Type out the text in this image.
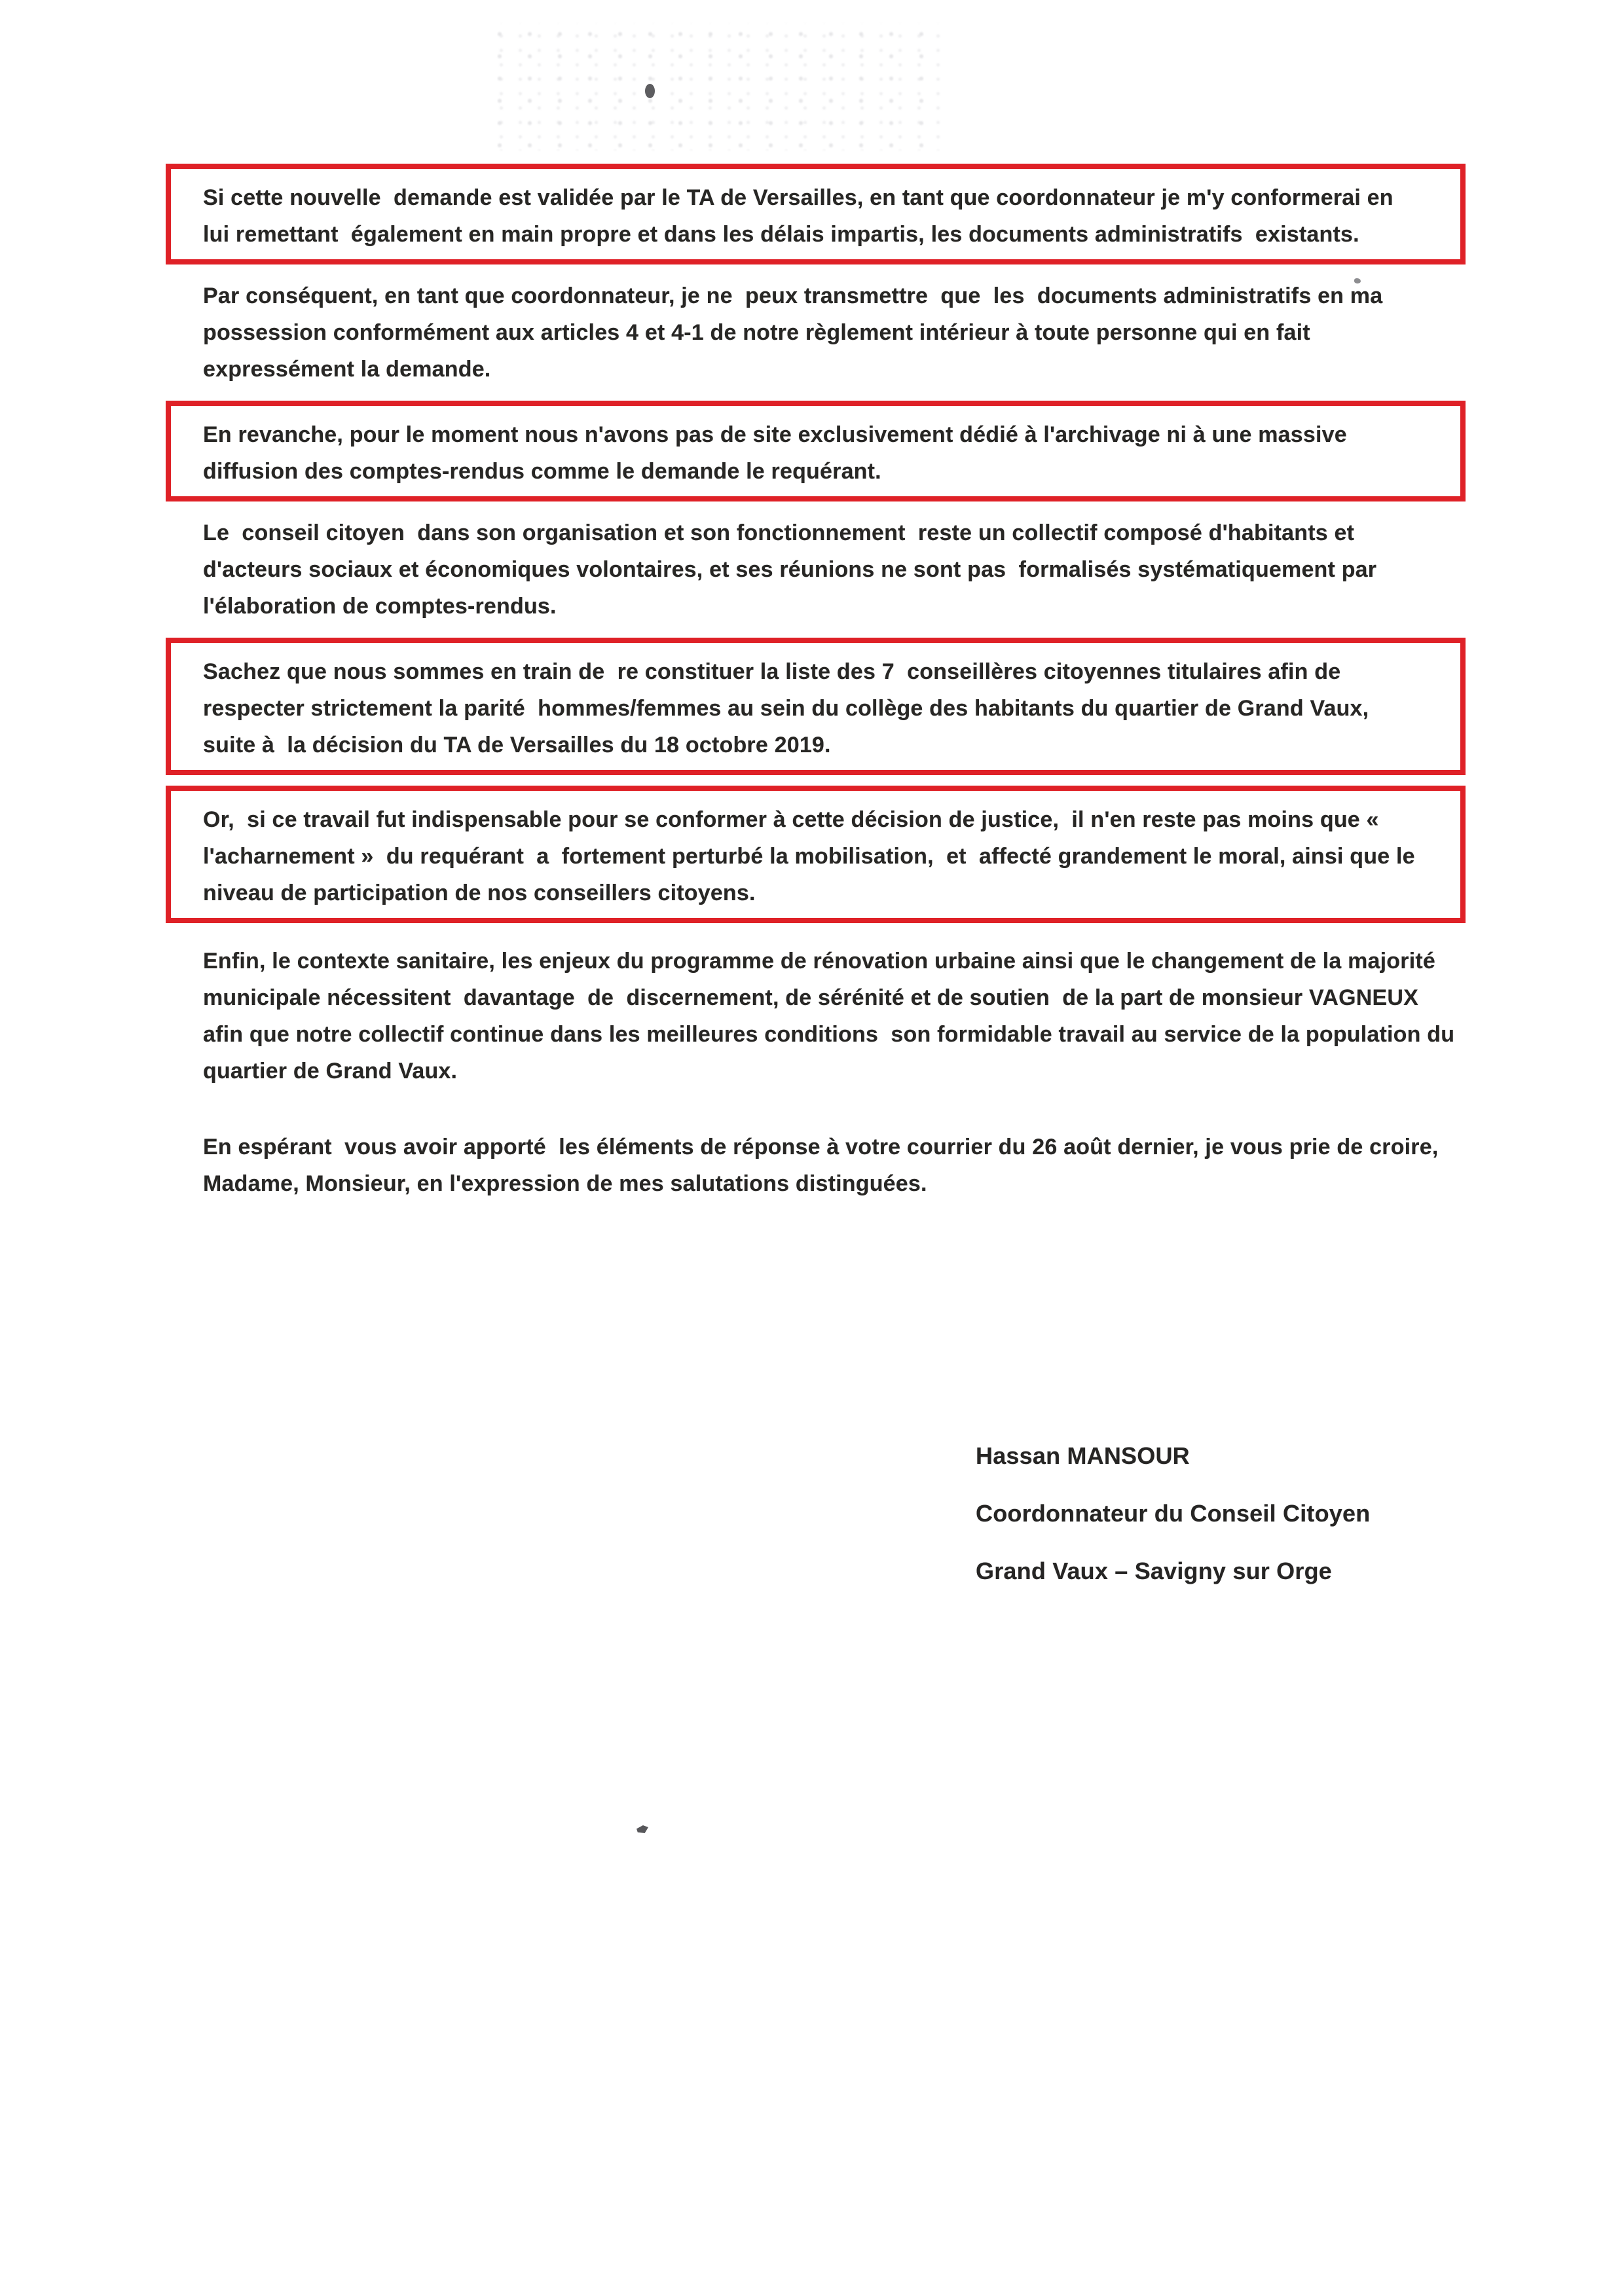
Si cette nouvelle  demande est validée par le TA de Versailles, en tant que coordonnateur je m'y conformerai en lui remettant  également en main propre et dans les délais impartis, les documents administratifs  existants.
Par conséquent, en tant que coordonnateur, je ne  peux transmettre  que  les  documents administratifs en ma possession conformément aux articles 4 et 4-1 de notre règlement intérieur à toute personne qui en fait expressément la demande.
En revanche, pour le moment nous n'avons pas de site exclusivement dédié à l'archivage ni à une massive diffusion des comptes-rendus comme le demande le requérant.
Le  conseil citoyen  dans son organisation et son fonctionnement  reste un collectif composé d'habitants et d'acteurs sociaux et économiques volontaires, et ses réunions ne sont pas  formalisés systématiquement par l'élaboration de comptes-rendus.
Sachez que nous sommes en train de  re constituer la liste des 7  conseillères citoyennes titulaires afin de respecter strictement la parité  hommes/femmes au sein du collège des habitants du quartier de Grand Vaux, suite à  la décision du TA de Versailles du 18 octobre 2019.
Or,  si ce travail fut indispensable pour se conformer à cette décision de justice,  il n'en reste pas moins que « l'acharnement »  du requérant  a  fortement perturbé la mobilisation,  et  affecté grandement le moral, ainsi que le niveau de participation de nos conseillers citoyens.
Enfin, le contexte sanitaire, les enjeux du programme de rénovation urbaine ainsi que le changement de la majorité municipale nécessitent  davantage  de  discernement, de sérénité et de soutien  de la part de monsieur VAGNEUX afin que notre collectif continue dans les meilleures conditions  son formidable travail au service de la population du quartier de Grand Vaux.
En espérant  vous avoir apporté  les éléments de réponse à votre courrier du 26 août dernier, je vous prie de croire,  Madame, Monsieur, en l'expression de mes salutations distinguées.
Hassan MANSOUR
Coordonnateur du Conseil Citoyen
Grand Vaux – Savigny sur Orge
